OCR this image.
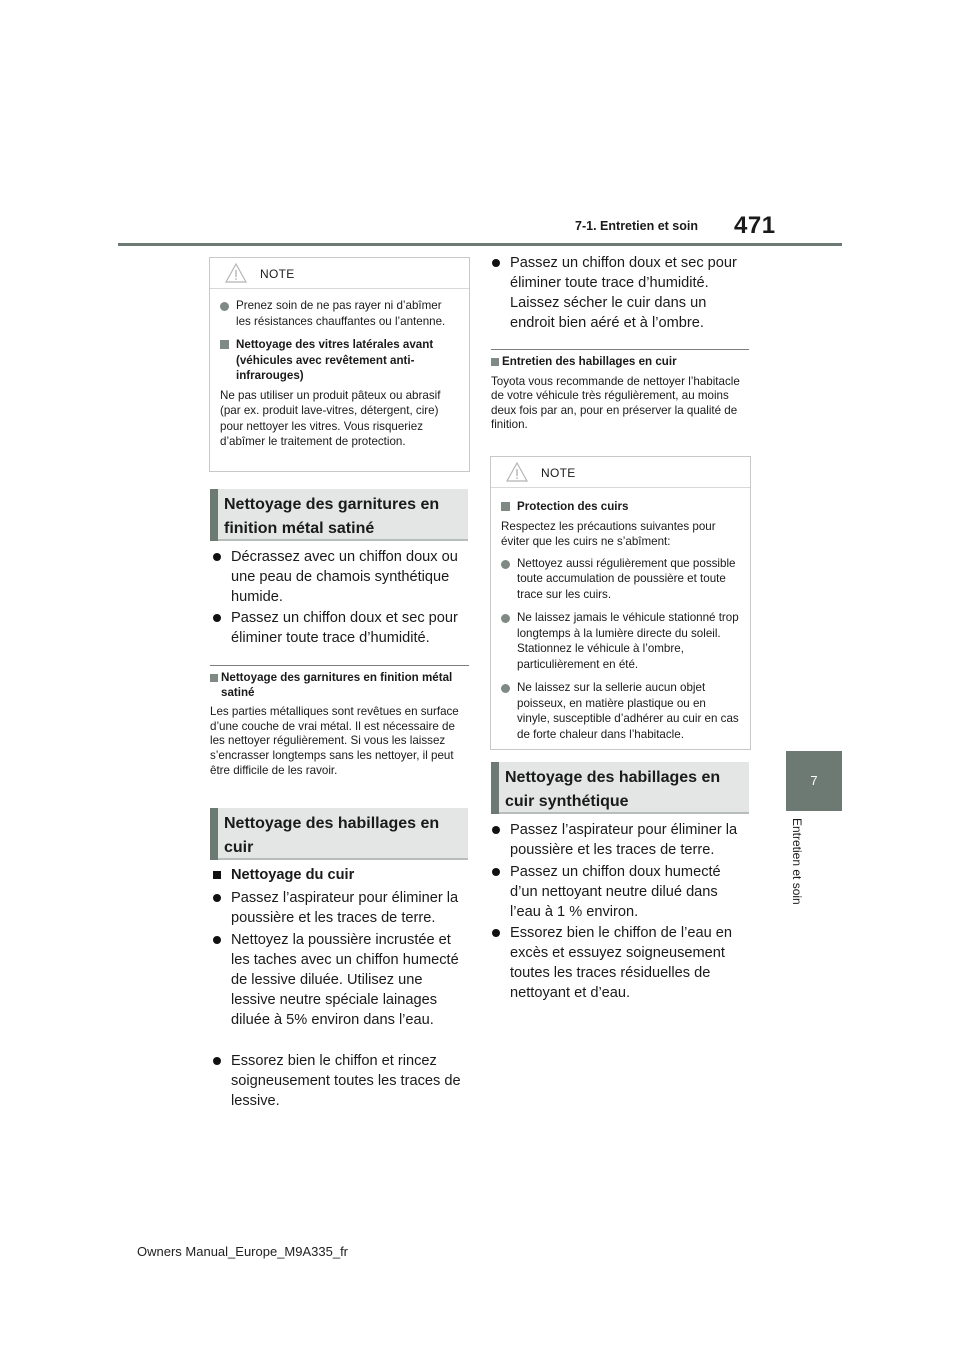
7-1. Entretien et soin 471
7
Entretien et soin
NOTE
Prenez soin de ne pas rayer ni d’abîmer les résistances chauffantes ou l’antenne.
Nettoyage des vitres latérales avant (véhicules avec revêtement anti-infrarouges)
Ne pas utiliser un produit pâteux ou abrasif (par ex. produit lave-vitres, détergent, cire) pour nettoyer les vitres. Vous risqueriez d’abîmer le traitement de protection.
Nettoyage des garnitures en finition métal satiné
Décrassez avec un chiffon doux ou une peau de chamois synthétique humide.
Passez un chiffon doux et sec pour éliminer toute trace d’humidité.
Nettoyage des garnitures en finition métal satiné
Les parties métalliques sont revêtues en surface d’une couche de vrai métal. Il est nécessaire de les nettoyer régulièrement. Si vous les laissez s’encrasser longtemps sans les nettoyer, il peut être difficile de les ravoir.
Nettoyage des habillages en cuir
Nettoyage du cuir
Passez l’aspirateur pour éliminer la poussière et les traces de terre.
Nettoyez la poussière incrustée et les taches avec un chiffon humecté de lessive diluée. Utilisez une lessive neutre spéciale lainages diluée à 5% environ dans l’eau.
Essorez bien le chiffon et rincez soigneusement toutes les traces de lessive.
Passez un chiffon doux et sec pour éliminer toute trace d’humidité. Laissez sécher le cuir dans un endroit bien aéré et à l’ombre.
Entretien des habillages en cuir
Toyota vous recommande de nettoyer l’habitacle de votre véhicule très régulièrement, au moins deux fois par an, pour en préserver la qualité de finition.
NOTE
Protection des cuirs
Respectez les précautions suivantes pour éviter que les cuirs ne s’abîment:
Nettoyez aussi régulièrement que possible toute accumulation de poussière et toute trace sur les cuirs.
Ne laissez jamais le véhicule stationné trop longtemps à la lumière directe du soleil. Stationnez le véhicule à l’ombre, particulièrement en été.
Ne laissez sur la sellerie aucun objet poisseux, en matière plastique ou en vinyle, susceptible d’adhérer au cuir en cas de forte chaleur dans l’habitacle.
Nettoyage des habillages en cuir synthétique
Passez l’aspirateur pour éliminer la poussière et les traces de terre.
Passez un chiffon doux humecté d’un nettoyant neutre dilué dans l’eau à 1 % environ.
Essorez bien le chiffon de l’eau en excès et essuyez soigneusement toutes les traces résiduelles de nettoyant et d’eau.
Owners Manual_Europe_M9A335_fr
